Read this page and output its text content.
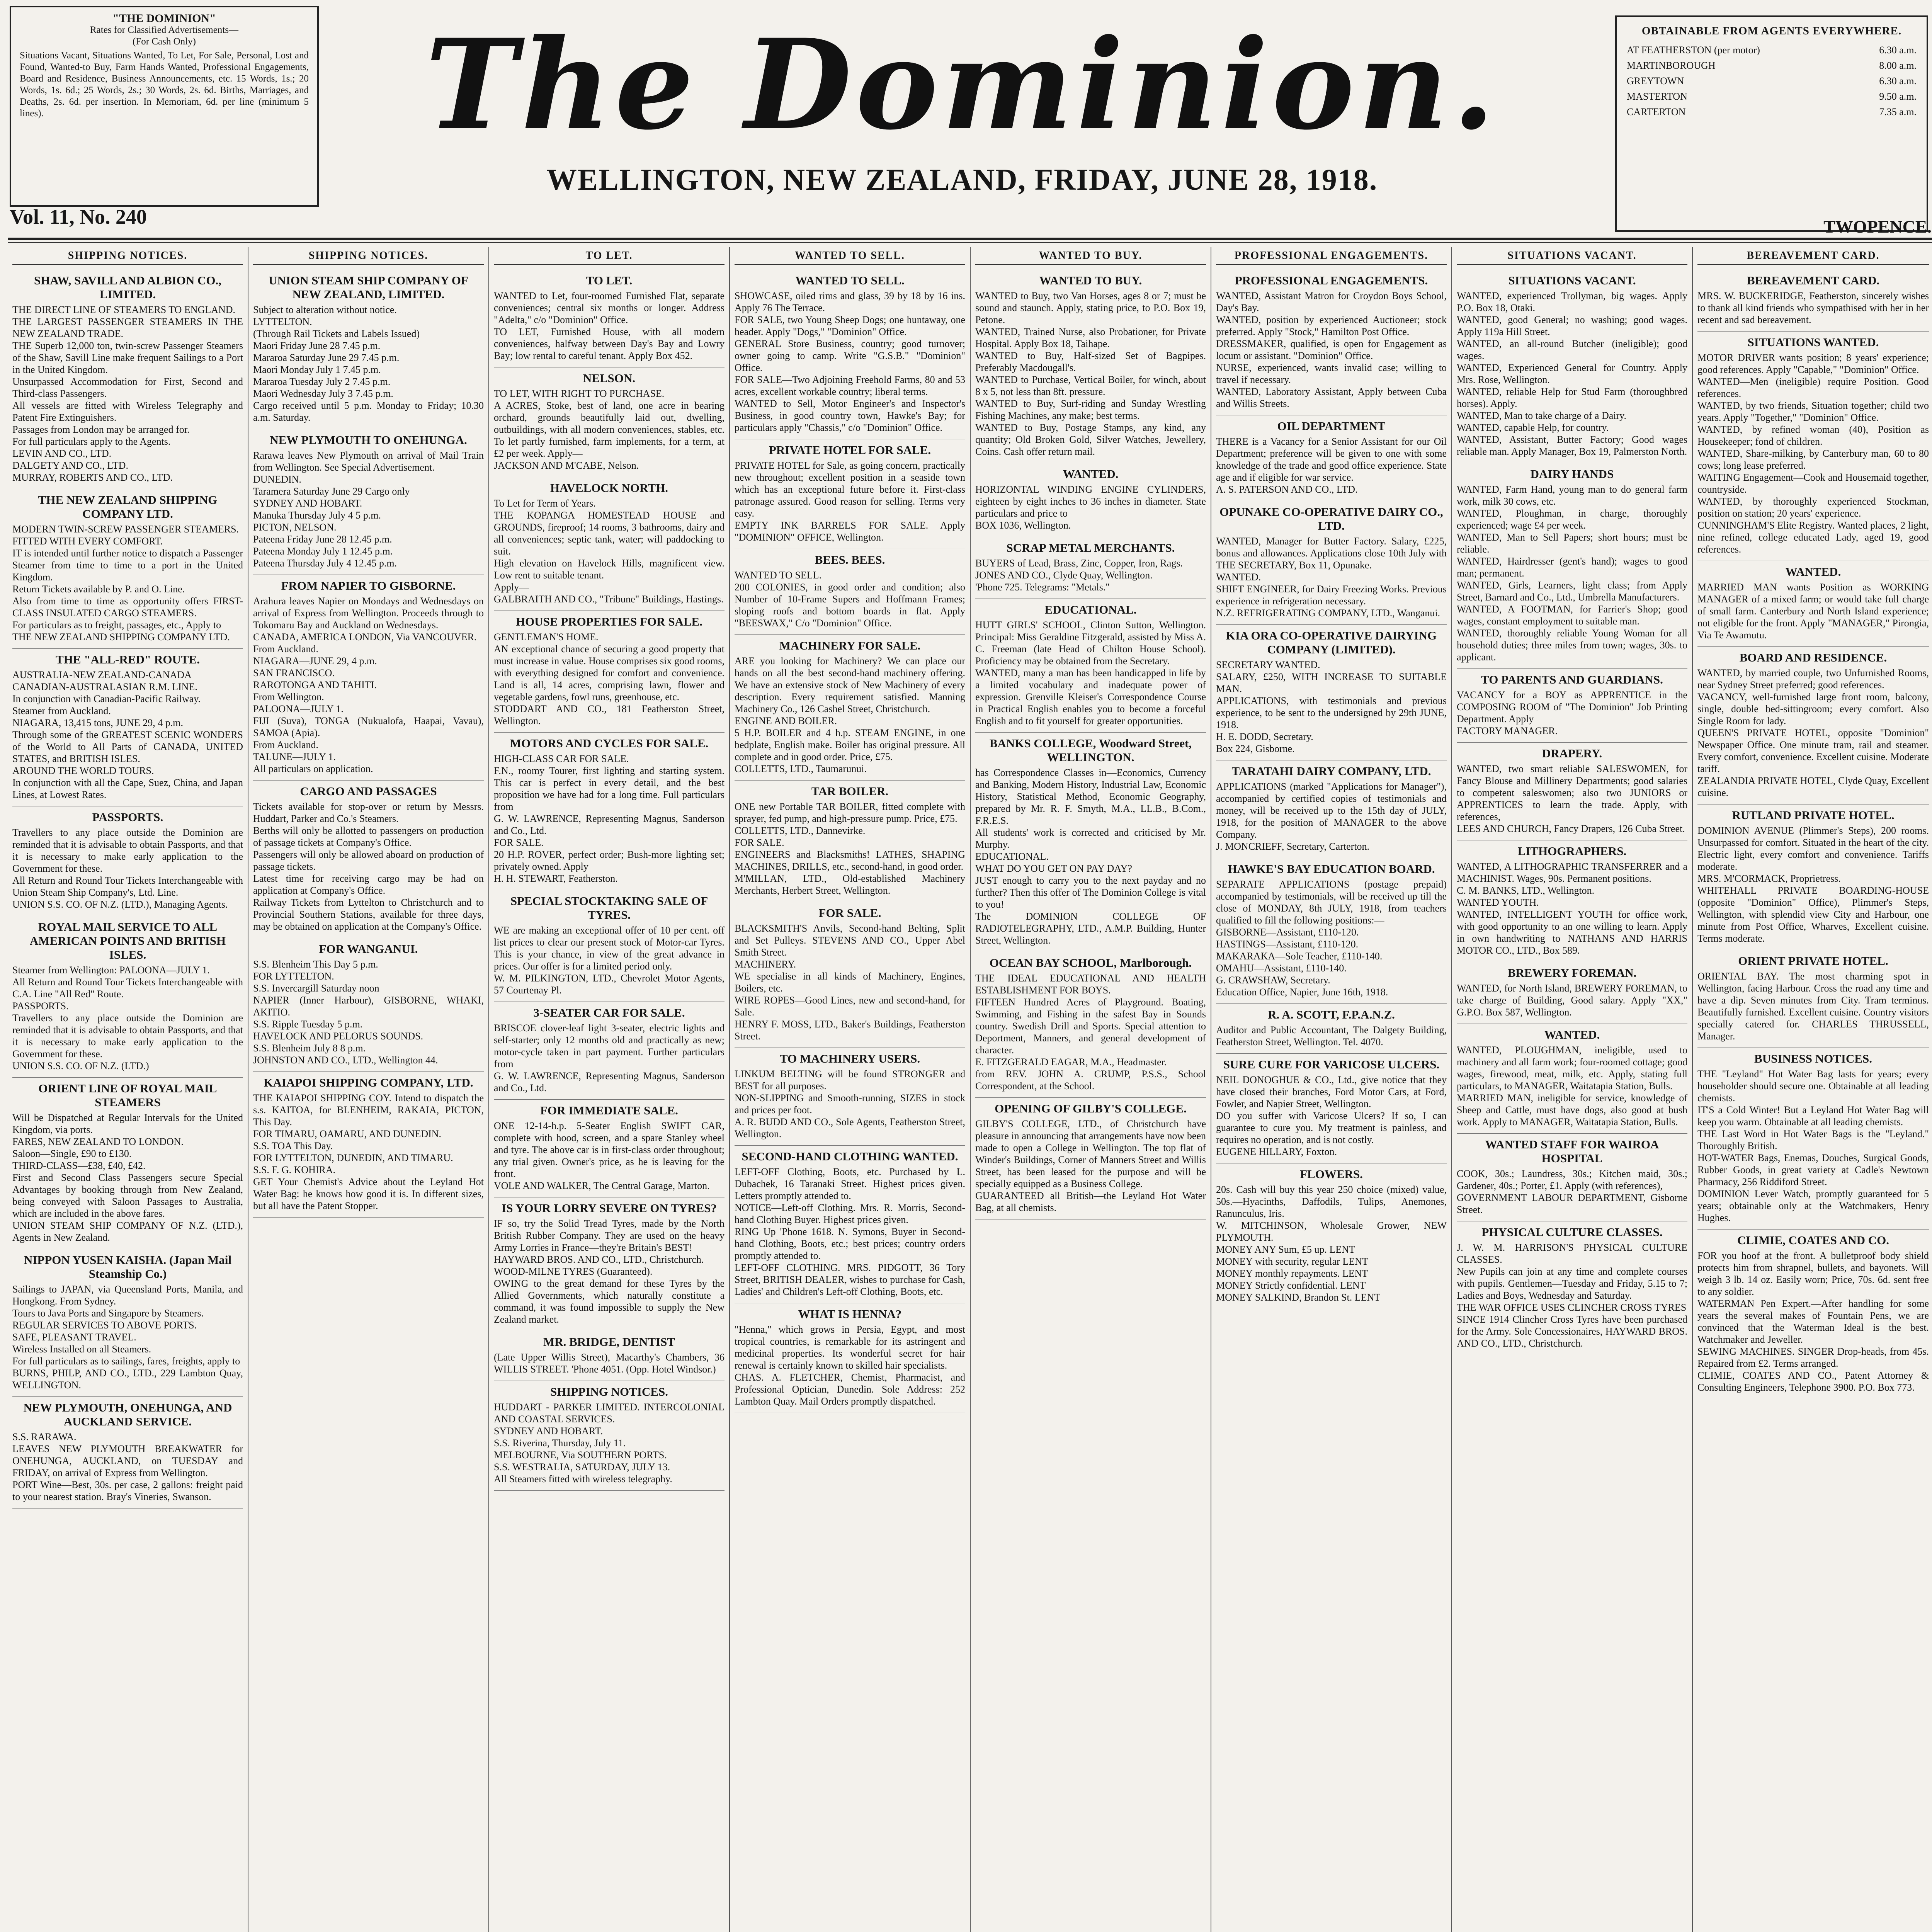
"THE DOMINION"
Rates for Classified Advertisements—
(For Cash Only)
Situations Vacant, Situations Wanted, To Let, For Sale, Personal, Lost and Found, Wanted-to Buy, Farm Hands Wanted, Professional Engagements, Board and Residence, Business Announcements, etc. 15 Words, 1s.; 20 Words, 1s. 6d.; 25 Words, 2s.; 30 Words, 2s. 6d. Births, Marriages, and Deaths, 2s. 6d. per insertion. In Memoriam, 6d. per line (minimum 5 lines).	The Dominion.
WELLINGTON, NEW ZEALAND, FRIDAY, JUNE 28, 1918.
OBTAINABLE FROM AGENTS EVERYWHERE.
AT FEATHERSTON (per motor)	6.30 a.m.
MARTINBOROUGH	8.00 a.m.
GREYTOWN	6.30 a.m.
MASTERTON	9.50 a.m.
CARTERTON	7.35 a.m.
Vol. 11, No. 240	TWOPENCE.
SHIPPING NOTICES.
SHAW, SAVILL AND ALBION CO., LIMITED.
THE DIRECT LINE OF STEAMERS TO ENGLAND.
THE LARGEST PASSENGER STEAMERS IN THE NEW ZEALAND TRADE.
THE Superb 12,000 ton, twin-screw Passenger Steamers of the Shaw, Savill Line make frequent Sailings to a Port in the United Kingdom.
Unsurpassed Accommodation for First, Second and Third-class Passengers.
All vessels are fitted with Wireless Telegraphy and Patent Fire Extinguishers.
Passages from London may be arranged for.
For full particulars apply to the Agents.
LEVIN AND CO., LTD.
DALGETY AND CO., LTD.
MURRAY, ROBERTS AND CO., LTD.
THE NEW ZEALAND SHIPPING COMPANY LTD.
MODERN TWIN-SCREW PASSENGER STEAMERS.
FITTED WITH EVERY COMFORT.
IT is intended until further notice to dispatch a Passenger Steamer from time to time to a port in the United Kingdom.
Return Tickets available by P. and O. Line.
Also from time to time as opportunity offers FIRST-CLASS INSULATED CARGO STEAMERS.
For particulars as to freight, passages, etc., Apply to
THE NEW ZEALAND SHIPPING COMPANY LTD.
THE "ALL-RED" ROUTE.
AUSTRALIA-NEW ZEALAND-CANADA
CANADIAN-AUSTRALASIAN R.M. LINE.
In conjunction with Canadian-Pacific Railway.
Steamer from Auckland.
NIAGARA, 13,415 tons, JUNE 29, 4 p.m.
Through some of the GREATEST SCENIC WONDERS of the World to All Parts of CANADA, UNITED STATES, and BRITISH ISLES.
AROUND THE WORLD TOURS.
In conjunction with all the Cape, Suez, China, and Japan Lines, at Lowest Rates.
PASSPORTS.
Travellers to any place outside the Dominion are reminded that it is advisable to obtain Passports, and that it is necessary to make early application to the Government for these.
All Return and Round Tour Tickets Interchangeable with Union Steam Ship Company's, Ltd. Line.
UNION S.S. CO. OF N.Z. (LTD.), Managing Agents.
ROYAL MAIL SERVICE TO ALL AMERICAN POINTS AND BRITISH ISLES.
Steamer from Wellington: PALOONA—JULY 1.
All Return and Round Tour Tickets Interchangeable with C.A. Line "All Red" Route.
PASSPORTS.
Travellers to any place outside the Dominion are reminded that it is advisable to obtain Passports, and that it is necessary to make early application to the Government for these.
UNION S.S. CO. OF N.Z. (LTD.)
ORIENT LINE OF ROYAL MAIL STEAMERS
Will be Dispatched at Regular Intervals for the United Kingdom, via ports.
FARES, NEW ZEALAND TO LONDON.
Saloon—Single, £90 to £130.
THIRD-CLASS—£38, £40, £42.
First and Second Class Passengers secure Special Advantages by booking through from New Zealand, being conveyed with Saloon Passages to Australia, which are included in the above fares.
UNION STEAM SHIP COMPANY OF N.Z. (LTD.), Agents in New Zealand.
NIPPON YUSEN KAISHA. (Japan Mail Steamship Co.)
Sailings to JAPAN, via Queensland Ports, Manila, and Hongkong. From Sydney.
Tours to Java Ports and Singapore by Steamers.
REGULAR SERVICES TO ABOVE PORTS.
SAFE, PLEASANT TRAVEL.
Wireless Installed on all Steamers.
For full particulars as to sailings, fares, freights, apply to
BURNS, PHILP, AND CO., LTD., 229 Lambton Quay, WELLINGTON.
NEW PLYMOUTH, ONEHUNGA, AND AUCKLAND SERVICE.
S.S. RARAWA.
LEAVES NEW PLYMOUTH BREAKWATER for ONEHUNGA, AUCKLAND, on TUESDAY and FRIDAY, on arrival of Express from Wellington.
PORT Wine—Best, 30s. per case, 2 gallons: freight paid to your nearest station. Bray's Vineries, Swanson.
SHIPPING NOTICES.
UNION STEAM SHIP COMPANY OF NEW ZEALAND, LIMITED.
Subject to alteration without notice.
LYTTELTON.
(Through Rail Tickets and Labels Issued)
Maori Friday June 28 7.45 p.m.
Mararoa Saturday June 29 7.45 p.m.
Maori Monday July 1 7.45 p.m.
Mararoa Tuesday July 2 7.45 p.m.
Maori Wednesday July 3 7.45 p.m.
Cargo received until 5 p.m. Monday to Friday; 10.30 a.m. Saturday.
NEW PLYMOUTH TO ONEHUNGA.
Rarawa leaves New Plymouth on arrival of Mail Train from Wellington. See Special Advertisement.
DUNEDIN.
Taramera Saturday June 29 Cargo only
SYDNEY AND HOBART.
Manuka Thursday July 4 5 p.m.
PICTON, NELSON.
Pateena Friday June 28 12.45 p.m.
Pateena Monday July 1 12.45 p.m.
Pateena Thursday July 4 12.45 p.m.
FROM NAPIER TO GISBORNE.
Arahura leaves Napier on Mondays and Wednesdays on arrival of Express from Wellington. Proceeds through to Tokomaru Bay and Auckland on Wednesdays.
CANADA, AMERICA LONDON, Via VANCOUVER.
From Auckland.
NIAGARA—JUNE 29, 4 p.m.
SAN FRANCISCO.
RAROTONGA AND TAHITI.
From Wellington.
PALOONA—JULY 1.
FIJI (Suva), TONGA (Nukualofa, Haapai, Vavau), SAMOA (Apia).
From Auckland.
TALUNE—JULY 1.
All particulars on application.
CARGO AND PASSAGES
Tickets available for stop-over or return by Messrs. Huddart, Parker and Co.'s Steamers.
Berths will only be allotted to passengers on production of passage tickets at Company's Office.
Passengers will only be allowed aboard on production of passage tickets.
Latest time for receiving cargo may be had on application at Company's Office.
Railway Tickets from Lyttelton to Christchurch and to Provincial Southern Stations, available for three days, may be obtained on application at the Company's Office.
FOR WANGANUI.
S.S. Blenheim This Day 5 p.m.
FOR LYTTELTON.
S.S. Invercargill Saturday noon
NAPIER (Inner Harbour), GISBORNE, WHAKI, AKITIO.
S.S. Ripple Tuesday 5 p.m.
HAVELOCK AND PELORUS SOUNDS.
S.S. Blenheim July 8 8 p.m.
JOHNSTON AND CO., LTD., Wellington 44.
KAIAPOI SHIPPING COMPANY, LTD.
THE KAIAPOI SHIPPING COY. Intend to dispatch the s.s. KAITOA, for BLENHEIM, RAKAIA, PICTON, This Day.
FOR TIMARU, OAMARU, AND DUNEDIN.
S.S. TOA This Day.
FOR LYTTELTON, DUNEDIN, AND TIMARU.
S.S. F. G. KOHIRA.
GET Your Chemist's Advice about the Leyland Hot Water Bag: he knows how good it is. In different sizes, but all have the Patent Stopper.
TO LET.
TO LET.
WANTED to Let, four-roomed Furnished Flat, separate conveniences; central six months or longer. Address "Adelta," c/o "Dominion" Office.
TO LET, Furnished House, with all modern conveniences, halfway between Day's Bay and Lowry Bay; low rental to careful tenant. Apply Box 452.
NELSON.
TO LET, WITH RIGHT TO PURCHASE.
A ACRES, Stoke, best of land, one acre in bearing orchard, grounds beautifully laid out, dwelling, outbuildings, with all modern conveniences, stables, etc. To let partly furnished, farm implements, for a term, at £2 per week. Apply—
JACKSON AND M'CABE, Nelson.
HAVELOCK NORTH.
To Let for Term of Years.
THE KOPANGA HOMESTEAD HOUSE and GROUNDS, fireproof; 14 rooms, 3 bathrooms, dairy and all conveniences; septic tank, water; will paddocking to suit.
High elevation on Havelock Hills, magnificent view. Low rent to suitable tenant.
Apply—
GALBRAITH AND CO., "Tribune" Buildings, Hastings.
HOUSE PROPERTIES FOR SALE.
GENTLEMAN'S HOME.
AN exceptional chance of securing a good property that must increase in value. House comprises six good rooms, with everything designed for comfort and convenience. Land is all, 14 acres, comprising lawn, flower and vegetable gardens, fowl runs, greenhouse, etc.
STODDART AND CO., 181 Featherston Street, Wellington.
MOTORS AND CYCLES FOR SALE.
HIGH-CLASS CAR FOR SALE.
F.N., roomy Tourer, first lighting and starting system. This car is perfect in every detail, and the best proposition we have had for a long time. Full particulars from
G. W. LAWRENCE, Representing Magnus, Sanderson and Co., Ltd.
FOR SALE.
20 H.P. ROVER, perfect order; Bush-more lighting set; privately owned. Apply
H. H. STEWART, Featherston.
SPECIAL STOCKTAKING SALE OF TYRES.
WE are making an exceptional offer of 10 per cent. off list prices to clear our present stock of Motor-car Tyres. This is your chance, in view of the great advance in prices. Our offer is for a limited period only.
W. M. PILKINGTON, LTD., Chevrolet Motor Agents, 57 Courtenay Pl.
3-SEATER CAR FOR SALE.
BRISCOE clover-leaf light 3-seater, electric lights and self-starter; only 12 months old and practically as new; motor-cycle taken in part payment. Further particulars from
G. W. LAWRENCE, Representing Magnus, Sanderson and Co., Ltd.
FOR IMMEDIATE SALE.
ONE 12-14-h.p. 5-Seater English SWIFT CAR, complete with hood, screen, and a spare Stanley wheel and tyre. The above car is in first-class order throughout; any trial given. Owner's price, as he is leaving for the front.
VOLE AND WALKER, The Central Garage, Marton.
IS YOUR LORRY SEVERE ON TYRES?
IF so, try the Solid Tread Tyres, made by the North British Rubber Company. They are used on the heavy Army Lorries in France—they're Britain's BEST!
HAYWARD BROS. AND CO., LTD., Christchurch.
WOOD-MILNE TYRES (Guaranteed).
OWING to the great demand for these Tyres by the Allied Governments, which naturally constitute a command, it was found impossible to supply the New Zealand market.
MR. BRIDGE, DENTIST
(Late Upper Willis Street), Macarthy's Chambers, 36 WILLIS STREET. 'Phone 4051. (Opp. Hotel Windsor.)
SHIPPING NOTICES.
HUDDART - PARKER LIMITED. INTERCOLONIAL AND COASTAL SERVICES.
SYDNEY AND HOBART.
S.S. Riverina, Thursday, July 11.
MELBOURNE, Via SOUTHERN PORTS.
S.S. WESTRALIA, SATURDAY, JULY 13.
All Steamers fitted with wireless telegraphy.
WANTED TO SELL.
WANTED TO SELL.
SHOWCASE, oiled rims and glass, 39 by 18 by 16 ins. Apply 76 The Terrace.
FOR SALE, two Young Sheep Dogs; one huntaway, one header. Apply "Dogs," "Dominion" Office.
GENERAL Store Business, country; good turnover; owner going to camp. Write "G.S.B." "Dominion" Office.
FOR SALE—Two Adjoining Freehold Farms, 80 and 53 acres, excellent workable country; liberal terms.
WANTED to Sell, Motor Engineer's and Inspector's Business, in good country town, Hawke's Bay; for particulars apply "Chassis," c/o "Dominion" Office.
PRIVATE HOTEL FOR SALE.
PRIVATE HOTEL for Sale, as going concern, practically new throughout; excellent position in a seaside town which has an exceptional future before it. First-class patronage assured. Good reason for selling. Terms very easy.
EMPTY INK BARRELS FOR SALE. Apply "DOMINION" OFFICE, Wellington.
BEES. BEES.
WANTED TO SELL.
200 COLONIES, in good order and condition; also Number of 10-Frame Supers and Hoffmann Frames; sloping roofs and bottom boards in flat. Apply "BEESWAX," C/o "Dominion" Office.
MACHINERY FOR SALE.
ARE you looking for Machinery? We can place our hands on all the best second-hand machinery offering. We have an extensive stock of New Machinery of every description. Every requirement satisfied. Manning Machinery Co., 126 Cashel Street, Christchurch.
ENGINE AND BOILER.
5 H.P. BOILER and 4 h.p. STEAM ENGINE, in one bedplate, English make. Boiler has original pressure. All complete and in good order. Price, £75.
COLLETTS, LTD., Taumarunui.
TAR BOILER.
ONE new Portable TAR BOILER, fitted complete with sprayer, fed pump, and high-pressure pump. Price, £75.
COLLETTS, LTD., Dannevirke.
FOR SALE.
ENGINEERS and Blacksmiths! LATHES, SHAPING MACHINES, DRILLS, etc., second-hand, in good order.
M'MILLAN, LTD., Old-established Machinery Merchants, Herbert Street, Wellington.
FOR SALE.
BLACKSMITH'S Anvils, Second-hand Belting, Split and Set Pulleys. STEVENS AND CO., Upper Abel Smith Street.
MACHINERY.
WE specialise in all kinds of Machinery, Engines, Boilers, etc.
WIRE ROPES—Good Lines, new and second-hand, for Sale.
HENRY F. MOSS, LTD., Baker's Buildings, Featherston Street.
TO MACHINERY USERS.
LINKUM BELTING will be found STRONGER and BEST for all purposes.
NON-SLIPPING and Smooth-running, SIZES in stock and prices per foot.
A. R. BUDD AND CO., Sole Agents, Featherston Street, Wellington.
SECOND-HAND CLOTHING WANTED.
LEFT-OFF Clothing, Boots, etc. Purchased by L. Dubachek, 16 Taranaki Street. Highest prices given. Letters promptly attended to.
NOTICE—Left-off Clothing. Mrs. R. Morris, Second-hand Clothing Buyer. Highest prices given.
RING Up 'Phone 1618. N. Symons, Buyer in Second-hand Clothing, Boots, etc.; best prices; country orders promptly attended to.
LEFT-OFF CLOTHING. MRS. PIDGOTT, 36 Tory Street, BRITISH DEALER, wishes to purchase for Cash, Ladies' and Children's Left-off Clothing, Boots, etc.
WHAT IS HENNA?
"Henna," which grows in Persia, Egypt, and most tropical countries, is remarkable for its astringent and medicinal properties. Its wonderful secret for hair renewal is certainly known to skilled hair specialists.
CHAS. A. FLETCHER, Chemist, Pharmacist, and Professional Optician, Dunedin. Sole Address: 252 Lambton Quay. Mail Orders promptly dispatched.
WANTED TO BUY.
WANTED TO BUY.
WANTED to Buy, two Van Horses, ages 8 or 7; must be sound and staunch. Apply, stating price, to P.O. Box 19, Petone.
WANTED, Trained Nurse, also Probationer, for Private Hospital. Apply Box 18, Taihape.
WANTED to Buy, Half-sized Set of Bagpipes. Preferably Macdougall's.
WANTED to Purchase, Vertical Boiler, for winch, about 8 x 5, not less than 8ft. pressure.
WANTED to Buy, Surf-riding and Sunday Wrestling Fishing Machines, any make; best terms.
WANTED to Buy, Postage Stamps, any kind, any quantity; Old Broken Gold, Silver Watches, Jewellery, Coins. Cash offer return mail.
WANTED.
HORIZONTAL WINDING ENGINE CYLINDERS, eighteen by eight inches to 36 inches in diameter. State particulars and price to
BOX 1036, Wellington.
SCRAP METAL MERCHANTS.
BUYERS of Lead, Brass, Zinc, Copper, Iron, Rags.
JONES AND CO., Clyde Quay, Wellington.
'Phone 725. Telegrams: "Metals."
EDUCATIONAL.
HUTT GIRLS' SCHOOL, Clinton Sutton, Wellington. Principal: Miss Geraldine Fitzgerald, assisted by Miss A. C. Freeman (late Head of Chilton House School). Proficiency may be obtained from the Secretary.
WANTED, many a man has been handicapped in life by a limited vocabulary and inadequate power of expression. Grenville Kleiser's Correspondence Course in Practical English enables you to become a forceful English and to fit yourself for greater opportunities.
BANKS COLLEGE, Woodward Street, WELLINGTON.
has Correspondence Classes in—Economics, Currency and Banking, Modern History, Industrial Law, Economic History, Statistical Method, Economic Geography, prepared by Mr. R. F. Smyth, M.A., LL.B., B.Com., F.R.E.S.
All students' work is corrected and criticised by Mr. Murphy.
EDUCATIONAL.
WHAT DO YOU GET ON PAY DAY?
JUST enough to carry you to the next payday and no further? Then this offer of The Dominion College is vital to you!
The DOMINION COLLEGE OF RADIOTELEGRAPHY, LTD., A.M.P. Building, Hunter Street, Wellington.
OCEAN BAY SCHOOL, Marlborough.
THE IDEAL EDUCATIONAL AND HEALTH ESTABLISHMENT FOR BOYS.
FIFTEEN Hundred Acres of Playground. Boating, Swimming, and Fishing in the safest Bay in Sounds country. Swedish Drill and Sports. Special attention to Deportment, Manners, and general development of character.
E. FITZGERALD EAGAR, M.A., Headmaster.
from REV. JOHN A. CRUMP, P.S.S., School Correspondent, at the School.
OPENING OF GILBY'S COLLEGE.
GILBY'S COLLEGE, LTD., of Christchurch have pleasure in announcing that arrangements have now been made to open a College in Wellington. The top flat of Winder's Buildings, Corner of Manners Street and Willis Street, has been leased for the purpose and will be specially equipped as a Business College.
GUARANTEED all British—the Leyland Hot Water Bag, at all chemists.
PROFESSIONAL ENGAGEMENTS.
PROFESSIONAL ENGAGEMENTS.
WANTED, Assistant Matron for Croydon Boys School, Day's Bay.
WANTED, position by experienced Auctioneer; stock preferred. Apply "Stock," Hamilton Post Office.
DRESSMAKER, qualified, is open for Engagement as locum or assistant. "Dominion" Office.
NURSE, experienced, wants invalid case; willing to travel if necessary.
WANTED, Laboratory Assistant, Apply between Cuba and Willis Streets.
OIL DEPARTMENT
THERE is a Vacancy for a Senior Assistant for our Oil Department; preference will be given to one with some knowledge of the trade and good office experience. State age and if eligible for war service.
A. S. PATERSON AND CO., LTD.
OPUNAKE CO-OPERATIVE DAIRY CO., LTD.
WANTED, Manager for Butter Factory. Salary, £225, bonus and allowances. Applications close 10th July with THE SECRETARY, Box 11, Opunake.
WANTED.
SHIFT ENGINEER, for Dairy Freezing Works. Previous experience in refrigeration necessary.
N.Z. REFRIGERATING COMPANY, LTD., Wanganui.
KIA ORA CO-OPERATIVE DAIRYING COMPANY (LIMITED).
SECRETARY WANTED.
SALARY, £250, WITH INCREASE TO SUITABLE MAN.
APPLICATIONS, with testimonials and previous experience, to be sent to the undersigned by 29th JUNE, 1918.
H. E. DODD, Secretary.
Box 224, Gisborne.
TARATAHI DAIRY COMPANY, LTD.
APPLICATIONS (marked "Applications for Manager"), accompanied by certified copies of testimonials and money, will be received up to the 15th day of JULY, 1918, for the position of MANAGER to the above Company.
J. MONCRIEFF, Secretary, Carterton.
HAWKE'S BAY EDUCATION BOARD.
SEPARATE APPLICATIONS (postage prepaid) accompanied by testimonials, will be received up till the close of MONDAY, 8th JULY, 1918, from teachers qualified to fill the following positions:—
GISBORNE—Assistant, £110-120.
HASTINGS—Assistant, £110-120.
MAKARAKA—Sole Teacher, £110-140.
OMAHU—Assistant, £110-140.
G. CRAWSHAW, Secretary.
Education Office, Napier, June 16th, 1918.
R. A. SCOTT, F.P.A.N.Z.
Auditor and Public Accountant, The Dalgety Building, Featherston Street, Wellington. Tel. 4070.
SURE CURE FOR VARICOSE ULCERS.
NEIL DONOGHUE & CO., Ltd., give notice that they have closed their branches, Ford Motor Cars, at Ford, Fowler, and Napier Street, Wellington.
DO you suffer with Varicose Ulcers? If so, I can guarantee to cure you. My treatment is painless, and requires no operation, and is not costly.
EUGENE HILLARY, Foxton.
FLOWERS.
20s. Cash will buy this year 250 choice (mixed) value, 50s.—Hyacinths, Daffodils, Tulips, Anemones, Ranunculus, Iris.
W. MITCHINSON, Wholesale Grower, NEW PLYMOUTH.
MONEY ANY Sum, £5 up. LENT
MONEY with security, regular LENT
MONEY monthly repayments. LENT
MONEY Strictly confidential. LENT
MONEY SALKIND, Brandon St. LENT
SITUATIONS VACANT.
SITUATIONS VACANT.
WANTED, experienced Trollyman, big wages. Apply P.O. Box 18, Otaki.
WANTED, good General; no washing; good wages. Apply 119a Hill Street.
WANTED, an all-round Butcher (ineligible); good wages.
WANTED, Experienced General for Country. Apply Mrs. Rose, Wellington.
WANTED, reliable Help for Stud Farm (thoroughbred horses). Apply.
WANTED, Man to take charge of a Dairy.
WANTED, capable Help, for country.
WANTED, Assistant, Butter Factory; Good wages reliable man. Apply Manager, Box 19, Palmerston North.
DAIRY HANDS
WANTED, Farm Hand, young man to do general farm work, milk 30 cows, etc.
WANTED, Ploughman, in charge, thoroughly experienced; wage £4 per week.
WANTED, Man to Sell Papers; short hours; must be reliable.
WANTED, Hairdresser (gent's hand); wages to good man; permanent.
WANTED, Girls, Learners, light class; from Apply Street, Barnard and Co., Ltd., Umbrella Manufacturers.
WANTED, A FOOTMAN, for Farrier's Shop; good wages, constant employment to suitable man.
WANTED, thoroughly reliable Young Woman for all household duties; three miles from town; wages, 30s. to applicant.
TO PARENTS AND GUARDIANS.
VACANCY for a BOY as APPRENTICE in the COMPOSING ROOM of "The Dominion" Job Printing Department. Apply
FACTORY MANAGER.
DRAPERY.
WANTED, two smart reliable SALESWOMEN, for Fancy Blouse and Millinery Departments; good salaries to competent saleswomen; also two JUNIORS or APPRENTICES to learn the trade. Apply, with references,
LEES AND CHURCH, Fancy Drapers, 126 Cuba Street.
LITHOGRAPHERS.
WANTED, A LITHOGRAPHIC TRANSFERRER and a MACHINIST. Wages, 90s. Permanent positions.
C. M. BANKS, LTD., Wellington.
WANTED YOUTH.
WANTED, INTELLIGENT YOUTH for office work, with good opportunity to an one willing to learn. Apply in own handwriting to NATHANS AND HARRIS MOTOR CO., LTD., Box 589.
BREWERY FOREMAN.
WANTED, for North Island, BREWERY FOREMAN, to take charge of Building, Good salary. Apply "XX," G.P.O. Box 587, Wellington.
WANTED.
WANTED, PLOUGHMAN, ineligible, used to machinery and all farm work; four-roomed cottage; good wages, firewood, meat, milk, etc. Apply, stating full particulars, to MANAGER, Waitatapia Station, Bulls.
MARRIED MAN, ineligible for service, knowledge of Sheep and Cattle, must have dogs, also good at bush work. Apply to MANAGER, Waitatapia Station, Bulls.
WANTED STAFF FOR WAIROA HOSPITAL
COOK, 30s.; Laundress, 30s.; Kitchen maid, 30s.; Gardener, 40s.; Porter, £1. Apply (with references),
GOVERNMENT LABOUR DEPARTMENT, Gisborne Street.
PHYSICAL CULTURE CLASSES.
J. W. M. HARRISON'S PHYSICAL CULTURE CLASSES.
New Pupils can join at any time and complete courses with pupils. Gentlemen—Tuesday and Friday, 5.15 to 7; Ladies and Boys, Wednesday and Saturday.
THE WAR OFFICE USES CLINCHER CROSS TYRES
SINCE 1914 Clincher Cross Tyres have been purchased for the Army. Sole Concessionaires, HAYWARD BROS. AND CO., LTD., Christchurch.
BEREAVEMENT CARD.
BEREAVEMENT CARD.
MRS. W. BUCKERIDGE, Featherston, sincerely wishes to thank all kind friends who sympathised with her in her recent and sad bereavement.
SITUATIONS WANTED.
MOTOR DRIVER wants position; 8 years' experience; good references. Apply "Capable," "Dominion" Office.
WANTED—Men (ineligible) require Position. Good references.
WANTED, by two friends, Situation together; child two years. Apply "Together," "Dominion" Office.
WANTED, by refined woman (40), Position as Housekeeper; fond of children.
WANTED, Share-milking, by Canterbury man, 60 to 80 cows; long lease preferred.
WAITING Engagement—Cook and Housemaid together, countryside.
WANTED, by thoroughly experienced Stockman, position on station; 20 years' experience.
CUNNINGHAM'S Elite Registry. Wanted places, 2 light, nine refined, college educated Lady, aged 19, good references.
WANTED.
MARRIED MAN wants Position as WORKING MANAGER of a mixed farm; or would take full charge of small farm. Canterbury and North Island experience; not eligible for the front. Apply "MANAGER," Pirongia, Via Te Awamutu.
BOARD AND RESIDENCE.
WANTED, by married couple, two Unfurnished Rooms, near Sydney Street preferred; good references.
VACANCY, well-furnished large front room, balcony, single, double bed-sittingroom; every comfort. Also Single Room for lady.
QUEEN'S PRIVATE HOTEL, opposite "Dominion" Newspaper Office. One minute tram, rail and steamer. Every comfort, convenience. Excellent cuisine. Moderate tariff.
ZEALANDIA PRIVATE HOTEL, Clyde Quay, Excellent cuisine.
RUTLAND PRIVATE HOTEL.
DOMINION AVENUE (Plimmer's Steps), 200 rooms. Unsurpassed for comfort. Situated in the heart of the city. Electric light, every comfort and convenience. Tariffs moderate.
MRS. M'CORMACK, Proprietress.
WHITEHALL PRIVATE BOARDING-HOUSE (opposite "Dominion" Office), Plimmer's Steps, Wellington, with splendid view City and Harbour, one minute from Post Office, Wharves, Excellent cuisine. Terms moderate.
ORIENT PRIVATE HOTEL.
ORIENTAL BAY. The most charming spot in Wellington, facing Harbour. Cross the road any time and have a dip. Seven minutes from City. Tram terminus. Beautifully furnished. Excellent cuisine. Country visitors specially catered for. CHARLES THRUSSELL, Manager.
BUSINESS NOTICES.
THE "Leyland" Hot Water Bag lasts for years; every householder should secure one. Obtainable at all leading chemists.
IT'S a Cold Winter! But a Leyland Hot Water Bag will keep you warm. Obtainable at all leading chemists.
THE Last Word in Hot Water Bags is the "Leyland." Thoroughly British.
HOT-WATER Bags, Enemas, Douches, Surgical Goods, Rubber Goods, in great variety at Cadle's Newtown Pharmacy, 256 Riddiford Street.
DOMINION Lever Watch, promptly guaranteed for 5 years; obtainable only at the Watchmakers, Henry Hughes.
CLIMIE, COATES AND CO.
FOR you hoof at the front. A bulletproof body shield protects him from shrapnel, bullets, and bayonets. Will weigh 3 lb. 14 oz. Easily worn; Price, 70s. 6d. sent free to any soldier.
WATERMAN Pen Expert.—After handling for some years the several makes of Fountain Pens, we are convinced that the Waterman Ideal is the best. Watchmaker and Jeweller.
SEWING MACHINES. SINGER Drop-heads, from 45s. Repaired from £2. Terms arranged.
CLIMIE, COATES AND CO., Patent Attorney & Consulting Engineers, Telephone 3900. P.O. Box 773.
